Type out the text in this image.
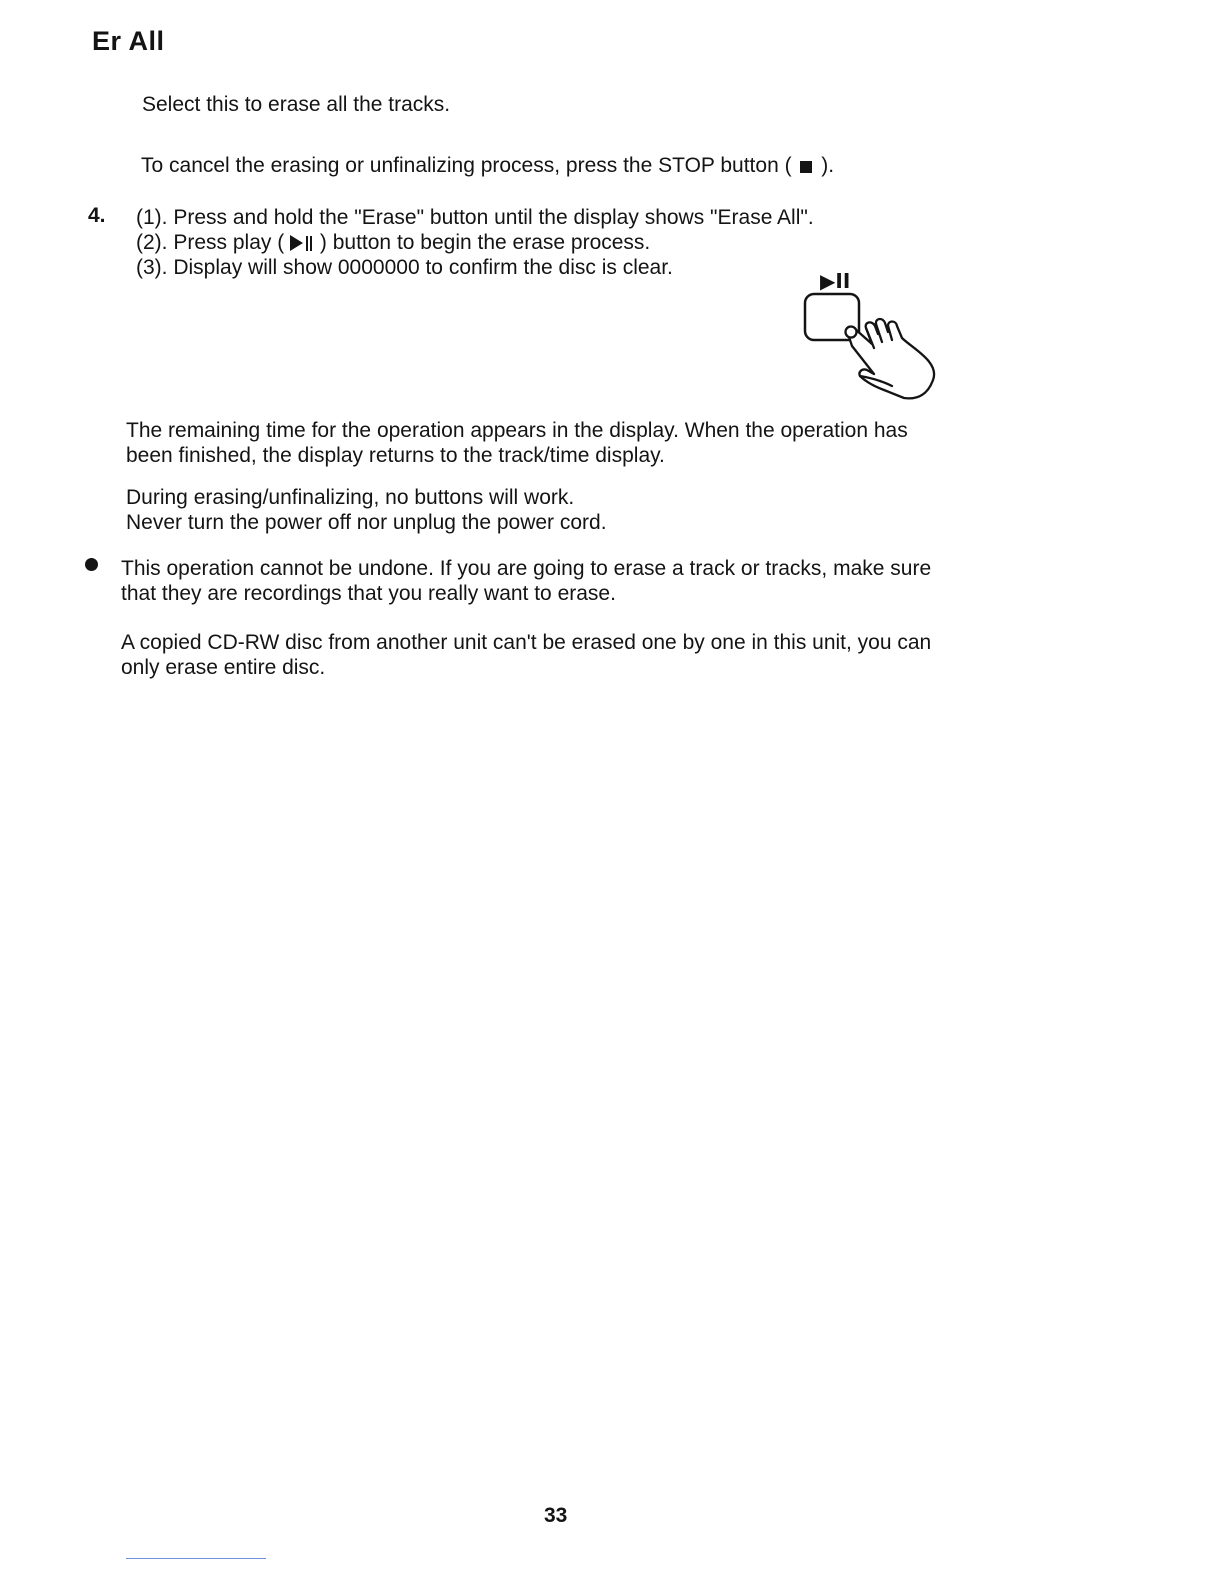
Er All

Select this to erase all the tracks.

To cancel the erasing or unfinalizing process, press the STOP button ( ).

4. (1). Press and hold the "Erase" button until the display shows "Erase All".
(2). Press play ( ) button to begin the erase process.
(3). Display will show 0000000 to confirm the disc is clear.
▶II

The remaining time for the operation appears in the display. When the operation has
been finished, the display returns to the track/time display.

During erasing/unfinalizing, no buttons will work.
Never turn the power off nor unplug the power cord.

This operation cannot be undone. If you are going to erase a track or tracks, make sure
that they are recordings that you really want to erase.

A copied CD-RW disc from another unit can't be erased one by one in this unit, you can
only erase entire disc.

33
